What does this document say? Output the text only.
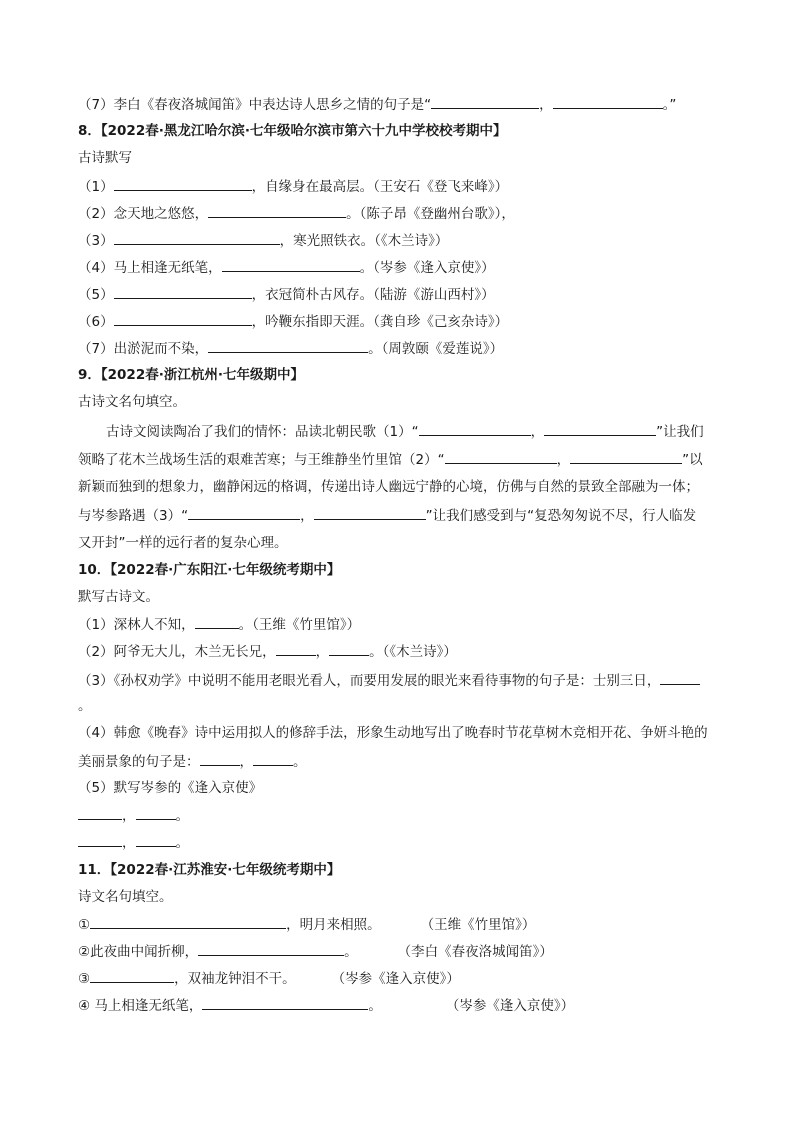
（7）李白《春夜洛城闻笛》中表达诗人思乡之情的句子是“	，	。”
8．【2022春·黑龙江哈尔滨·七年级哈尔滨市第六十九中学校校考期中】
古诗默写
（1）	，自缘身在最高层。（王安石《登飞来峰》）
（2）念天地之悠悠，	。（陈子昂《登幽州台歌》），
（3）	，寒光照铁衣。（《木兰诗》）
（4）马上相逢无纸笔，	。（岑参《逢入京使》）
（5）	，衣冠简朴古风存。（陆游《游山西村》）
（6）	，吟鞭东指即天涯。（龚自珍《己亥杂诗》）
（7）出淤泥而不染，	。（周敦颐《爱莲说》）
9．【2022春·浙江杭州·七年级期中】
古诗文名句填空。
古诗文阅读陶冶了我们的情怀：品读北朝民歌（1）“	，	”让我们
领略了花木兰战场生活的艰难苦寒；与王维静坐竹里馆（2）“	，	”以
新颖而独到的想象力，幽静闲远的格调，传递出诗人幽远宁静的心境，仿佛与自然的景致全部融为一体；
与岑参路遇（3）“	，	”让我们感受到与“复恐匆匆说不尽，行人临发
又开封”一样的远行者的复杂心理。
10．【2022春·广东阳江·七年级统考期中】
默写古诗文。
（1）深林人不知，	。（王维《竹里馆》）
（2）阿爷无大儿，木兰无长兄，	，	。（《木兰诗》）
（3）《孙权劝学》中说明不能用老眼光看人，而要用发展的眼光来看待事物的句子是：士别三日，
。
（4）韩愈《晚春》诗中运用拟人的修辞手法，形象生动地写出了晚春时节花草树木竞相开花、争妍斗艳的
美丽景象的句子是：	，	。
（5）默写岑参的《逢入京使》
，	。
，	。
11．【2022春·江苏淮安·七年级统考期中】
诗文名句填空。
①	，明月来相照。	（王维《竹里馆》）
②此夜曲中闻折柳，	。	（李白《春夜洛城闻笛》）
③	，双袖龙钟泪不干。	（岑参《逢入京使》）
④ 马上相逢无纸笔，	。	（岑参《逢入京使》）
